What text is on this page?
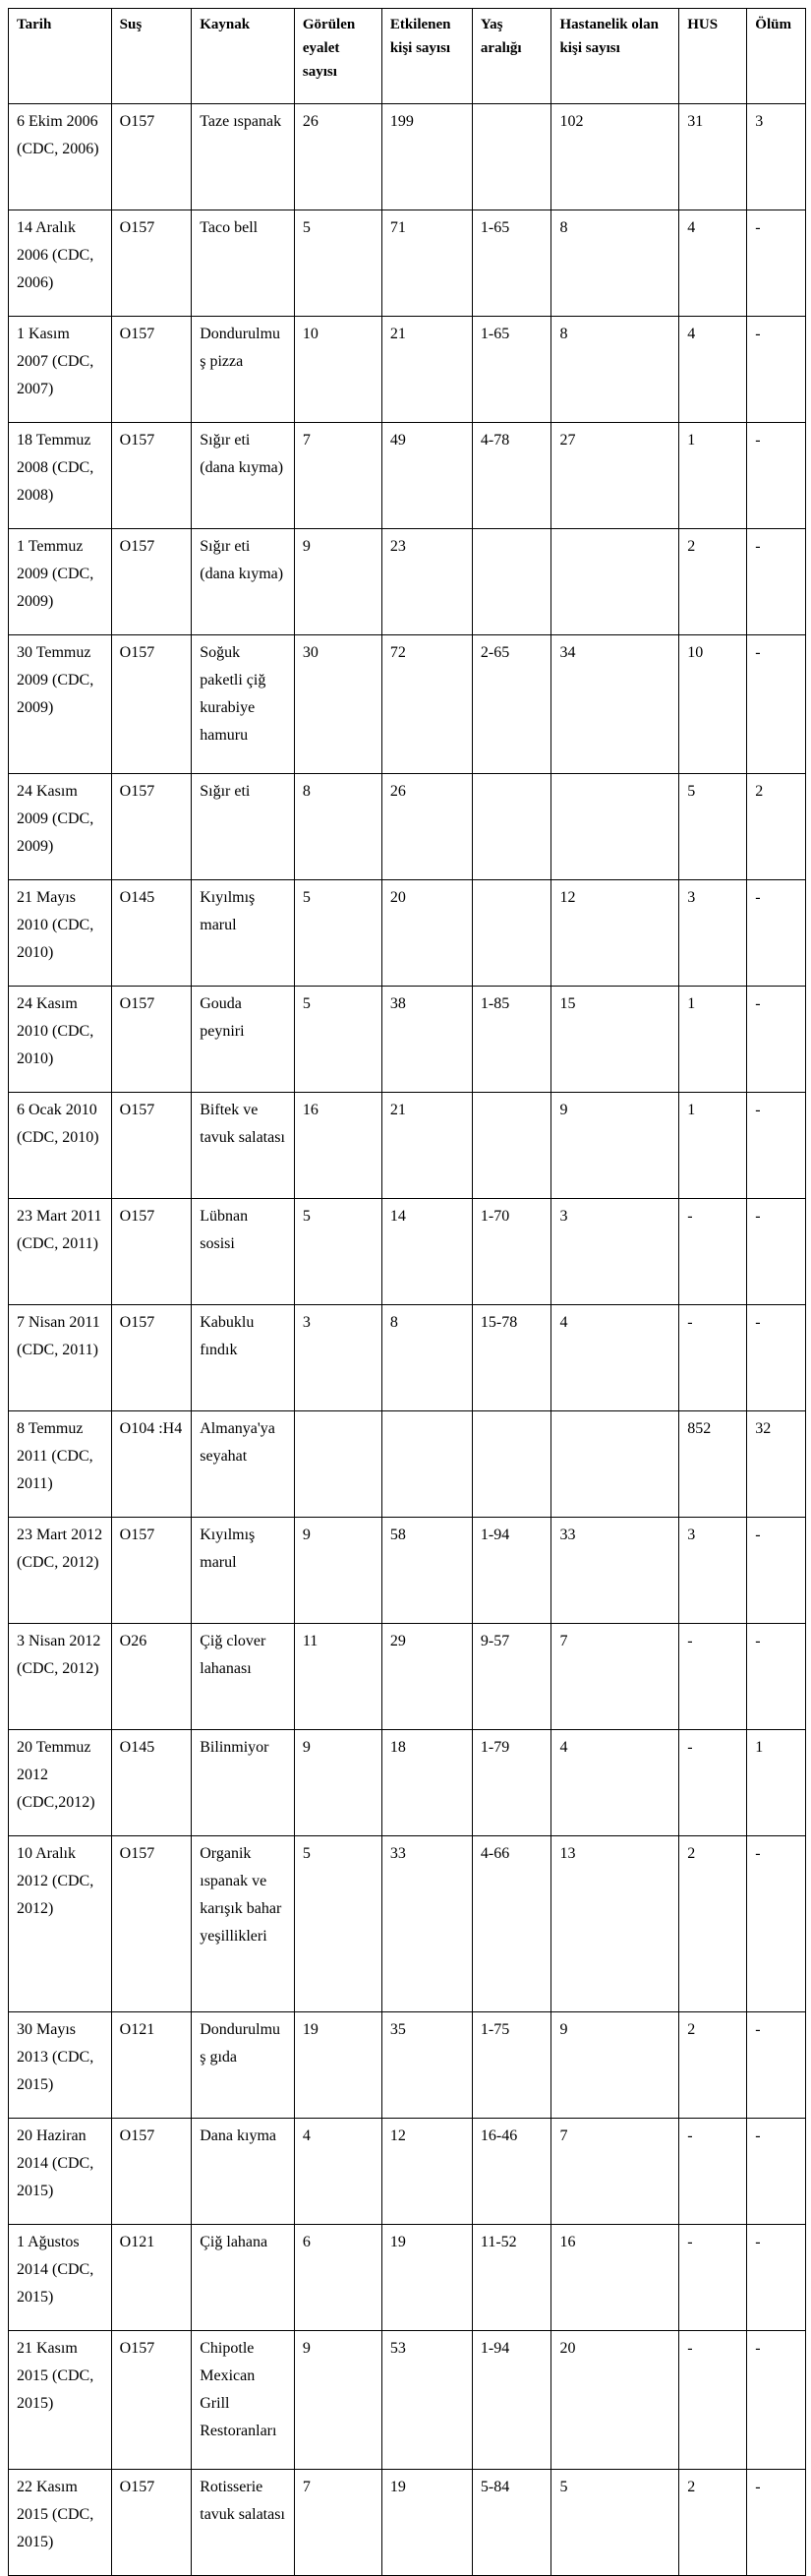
Tarih	Suş	Kaynak	Görülen eyalet sayısı	Etkilenen kişi sayısı	Yaş aralığı	Hastanelik olan kişi sayısı	HUS	Ölüm
6 Ekim 2006 (CDC, 2006)	O157	Taze ıspanak	26	199		102	31	3
14 Aralık 2006 (CDC, 2006)	O157	Taco bell	5	71	1-65	8	4	-
1 Kasım 2007 (CDC, 2007)	O157	Dondurulmuş pizza	10	21	1-65	8	4	-
18 Temmuz 2008 (CDC, 2008)	O157	Sığır eti (dana kıyma)	7	49	4-78	27	1	-
1 Temmuz 2009 (CDC, 2009)	O157	Sığır eti (dana kıyma)	9	23			2	-
30 Temmuz 2009 (CDC, 2009)	O157	Soğuk paketli çiğ kurabiye hamuru	30	72	2-65	34	10	-
24 Kasım 2009 (CDC, 2009)	O157	Sığır eti	8	26			5	2
21 Mayıs 2010 (CDC, 2010)	O145	Kıyılmış marul	5	20		12	3	-
24 Kasım 2010 (CDC, 2010)	O157	Gouda peyniri	5	38	1-85	15	1	-
6 Ocak 2010 (CDC, 2010)	O157	Biftek ve tavuk salatası	16	21		9	1	-
23 Mart 2011 (CDC, 2011)	O157	Lübnan sosisi	5	14	1-70	3	-	-
7 Nisan 2011 (CDC, 2011)	O157	Kabuklu fındık	3	8	15-78	4	-	-
8 Temmuz 2011 (CDC, 2011)	O104 :H4	Almanya'ya seyahat					852	32
23 Mart 2012 (CDC, 2012)	O157	Kıyılmış marul	9	58	1-94	33	3	-
3 Nisan 2012 (CDC, 2012)	O26	Çiğ clover lahanası	11	29	9-57	7	-	-
20 Temmuz 2012 (CDC,2012)	O145	Bilinmiyor	9	18	1-79	4	-	1
10 Aralık 2012 (CDC, 2012)	O157	Organik ıspanak ve karışık bahar yeşillikleri	5	33	4-66	13	2	-
30 Mayıs 2013 (CDC, 2015)	O121	Dondurulmuş gıda	19	35	1-75	9	2	-
20 Haziran 2014 (CDC, 2015)	O157	Dana kıyma	4	12	16-46	7	-	-
1 Ağustos 2014 (CDC, 2015)	O121	Çiğ lahana	6	19	11-52	16	-	-
21 Kasım 2015 (CDC, 2015)	O157	Chipotle Mexican Grill Restoranları	9	53	1-94	20	-	-
22 Kasım 2015 (CDC, 2015)	O157	Rotisserie tavuk salatası	7	19	5-84	5	2	-
